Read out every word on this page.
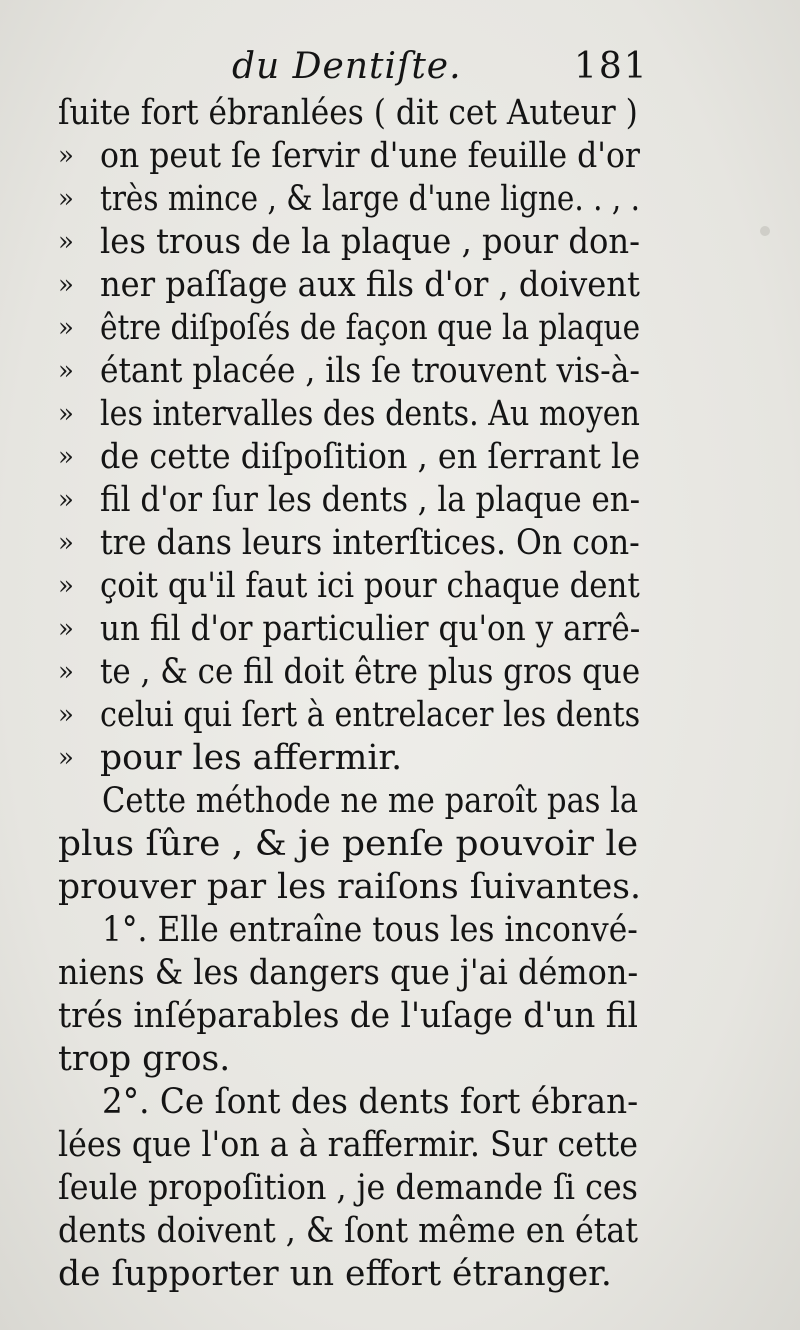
du Dentiſte.	181
ſuite fort ébranlées ( dit cet Auteur )
» on peut ſe ſervir d'une feuille d'or
» très mince , & large d'une ligne. . , .
» les trous de la plaque , pour don-
» ner paſſage aux fils d'or , doivent
» être diſpoſés de façon que la plaque
» étant placée , ils ſe trouvent vis-à-
» les intervalles des dents. Au moyen
» de cette diſpoſition , en ſerrant le
» fil d'or ſur les dents , la plaque en-
» tre dans leurs interſtices. On con-
» çoit qu'il faut ici pour chaque dent
» un fil d'or particulier qu'on y arrê-
» te , & ce fil doit être plus gros que
» celui qui ſert à entrelacer les dents
» pour les affermir.
Cette méthode ne me paroît pas la
plus ſûre , & je penſe pouvoir le
prouver par les raiſons ſuivantes.
1°. Elle entraîne tous les inconvé-
niens & les dangers que j'ai démon-
trés inſéparables de l'uſage d'un fil
trop gros.
2°. Ce ſont des dents fort ébran-
lées que l'on a à raffermir. Sur cette
ſeule propoſition , je demande ſi ces
dents doivent , & ſont même en état
de ſupporter un effort étranger.
